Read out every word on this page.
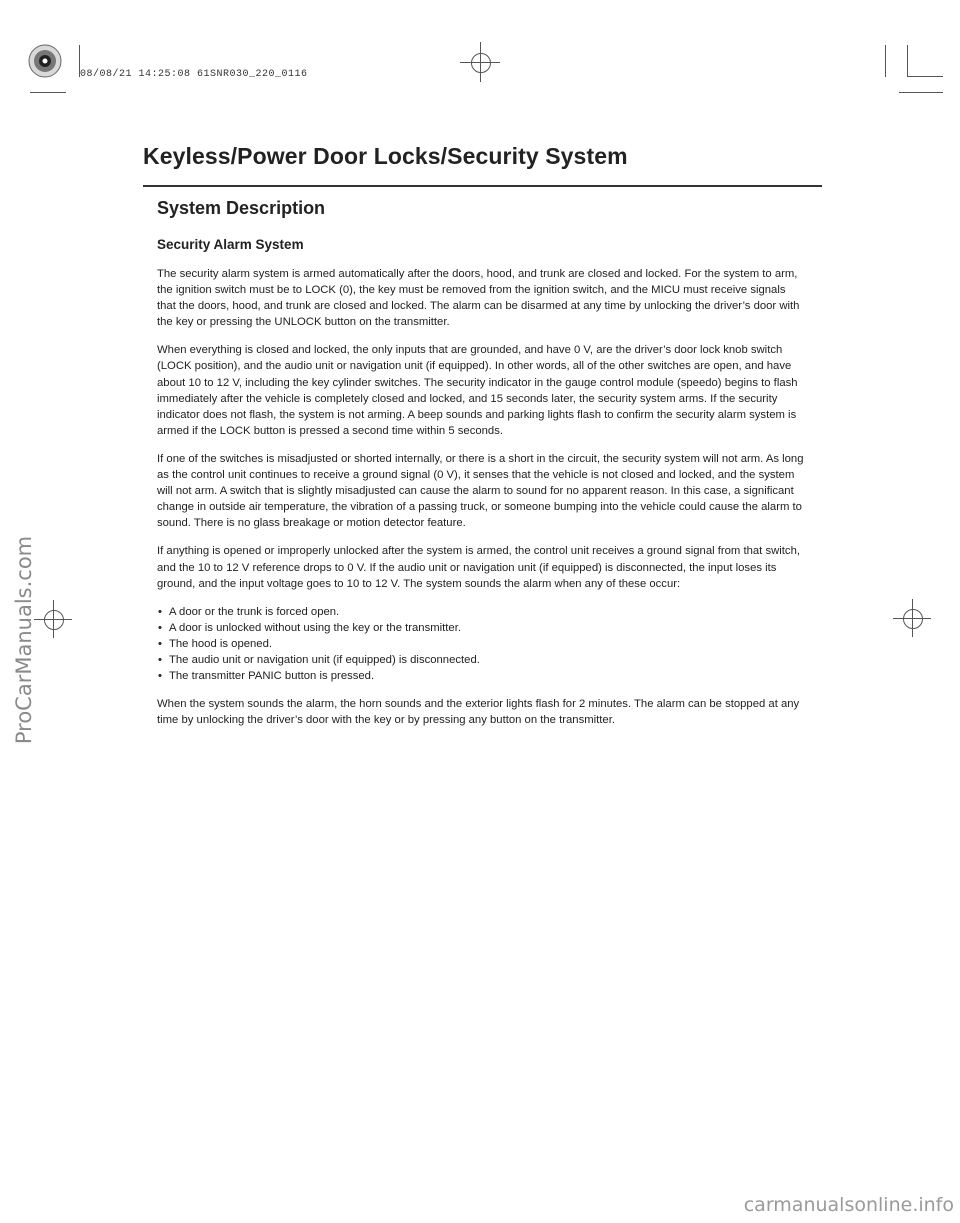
08/08/21 14:25:08 61SNR030_220_0116
ProCarManuals.com
Keyless/Power Door Locks/Security System
System Description
Security Alarm System

The security alarm system is armed automatically after the doors, hood, and trunk are closed and locked. For the system to arm, the ignition switch must be to LOCK (0), the key must be removed from the ignition switch, and the MICU must receive signals that the doors, hood, and trunk are closed and locked. The alarm can be disarmed at any time by unlocking the driver’s door with the key or pressing the UNLOCK button on the transmitter.

When everything is closed and locked, the only inputs that are grounded, and have 0 V, are the driver’s door lock knob switch (LOCK position), and the audio unit or navigation unit (if equipped). In other words, all of the other switches are open, and have about 10 to 12 V, including the key cylinder switches. The security indicator in the gauge control module (speedo) begins to flash immediately after the vehicle is completely closed and locked, and 15 seconds later, the security system arms. If the security indicator does not flash, the system is not arming. A beep sounds and parking lights flash to confirm the security alarm system is armed if the LOCK button is pressed a second time within 5 seconds.

If one of the switches is misadjusted or shorted internally, or there is a short in the circuit, the security system will not arm. As long as the control unit continues to receive a ground signal (0 V), it senses that the vehicle is not closed and locked, and the system will not arm. A switch that is slightly misadjusted can cause the alarm to sound for no apparent reason. In this case, a significant change in outside air temperature, the vibration of a passing truck, or someone bumping into the vehicle could cause the alarm to sound. There is no glass breakage or motion detector feature.

If anything is opened or improperly unlocked after the system is armed, the control unit receives a ground signal from that switch, and the 10 to 12 V reference drops to 0 V. If the audio unit or navigation unit (if equipped) is disconnected, the input loses its ground, and the input voltage goes to 10 to 12 V. The system sounds the alarm when any of these occur:

• A door or the trunk is forced open.
• A door is unlocked without using the key or the transmitter.
• The hood is opened.
• The audio unit or navigation unit (if equipped) is disconnected.
• The transmitter PANIC button is pressed.

When the system sounds the alarm, the horn sounds and the exterior lights flash for 2 minutes. The alarm can be stopped at any time by unlocking the driver’s door with the key or by pressing any button on the transmitter.

carmanualsonline.info
